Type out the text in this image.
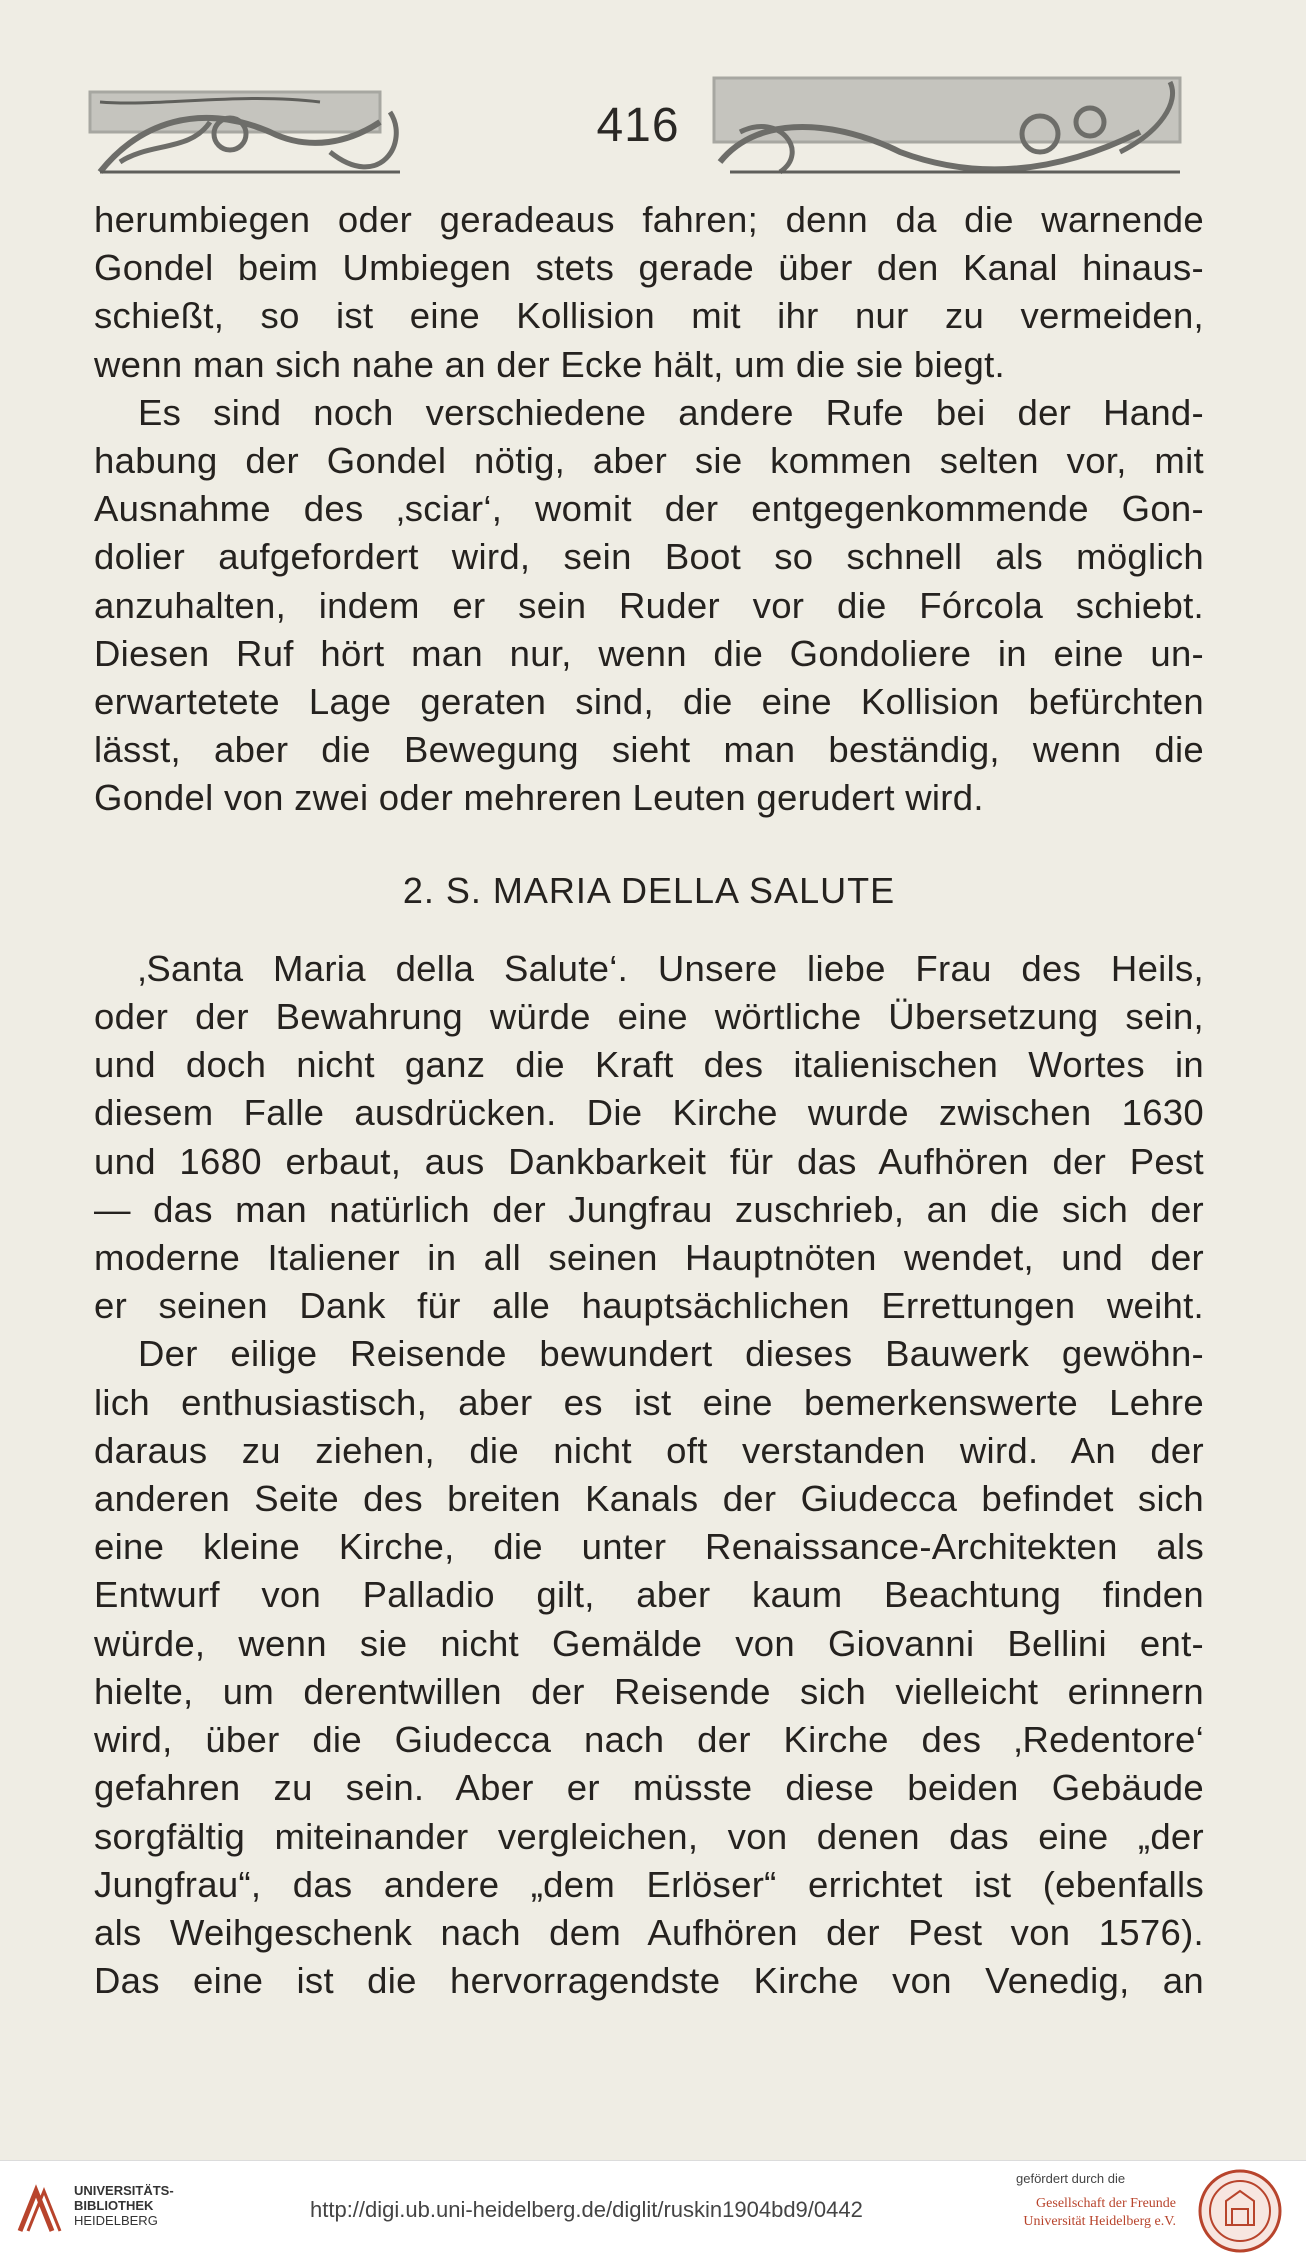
416
herumbiegen oder geradeaus fahren; denn da die warnende
Gondel beim Umbiegen stets gerade über den Kanal hinaus-
schießt, so ist eine Kollision mit ihr nur zu vermeiden,
wenn man sich nahe an der Ecke hält, um die sie biegt.
Es sind noch verschiedene andere Rufe bei der Hand-
habung der Gondel nötig, aber sie kommen selten vor, mit
Ausnahme des ‚sciar‘, womit der entgegenkommende Gon-
dolier aufgefordert wird, sein Boot so schnell als möglich
anzuhalten, indem er sein Ruder vor die Fórcola schiebt.
Diesen Ruf hört man nur, wenn die Gondoliere in eine un-
erwartetete Lage geraten sind, die eine Kollision befürchten
lässt, aber die Bewegung sieht man beständig, wenn die
Gondel von zwei oder mehreren Leuten gerudert wird.
2. S. MARIA DELLA SALUTE
‚Santa Maria della Salute‘. Unsere liebe Frau des Heils,
oder der Bewahrung würde eine wörtliche Übersetzung sein,
und doch nicht ganz die Kraft des italienischen Wortes in
diesem Falle ausdrücken. Die Kirche wurde zwischen 1630
und 1680 erbaut, aus Dankbarkeit für das Aufhören der Pest
— das man natürlich der Jungfrau zuschrieb, an die sich der
moderne Italiener in all seinen Hauptnöten wendet, und der
er seinen Dank für alle hauptsächlichen Errettungen weiht.
Der eilige Reisende bewundert dieses Bauwerk gewöhn-
lich enthusiastisch, aber es ist eine bemerkenswerte Lehre
daraus zu ziehen, die nicht oft verstanden wird. An der
anderen Seite des breiten Kanals der Giudecca befindet sich
eine kleine Kirche, die unter Renaissance-Architekten als
Entwurf von Palladio gilt, aber kaum Beachtung finden
würde, wenn sie nicht Gemälde von Giovanni Bellini ent-
hielte, um derentwillen der Reisende sich vielleicht erinnern
wird, über die Giudecca nach der Kirche des ‚Redentore‘
gefahren zu sein. Aber er müsste diese beiden Gebäude
sorgfältig miteinander vergleichen, von denen das eine „der
Jungfrau“, das andere „dem Erlöser“ errichtet ist (ebenfalls
als Weihgeschenk nach dem Aufhören der Pest von 1576).
Das eine ist die hervorragendste Kirche von Venedig, an
UNIVERSITÄTS-
BIBLIOTHEK
HEIDELBERG	http://digi.ub.uni-heidelberg.de/diglit/ruskin1904bd9/0442
gefördert durch die
Gesellschaft der Freunde
Universität Heidelberg e.V.
